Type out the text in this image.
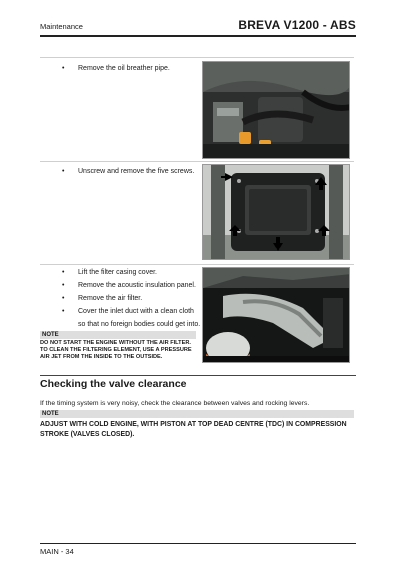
Maintenance	BREVA V1200 - ABS
• Remove the oil breather pipe.
• Unscrew and remove the five screws.
• Lift the filter casing cover.
• Remove the acoustic insulation panel.
• Remove the air filter.
• Cover the inlet duct with a clean cloth
so that no foreign bodies could get into.
NOTE
DO NOT START THE ENGINE WITHOUT THE AIR FILTER. TO CLEAN THE FILTERING ELEMENT, USE A PRESSURE AIR JET FROM THE INSIDE TO THE OUTSIDE.
Checking the valve clearance
If the timing system is very noisy, check the clearance between valves and rocking levers.
NOTE
ADJUST WITH COLD ENGINE, WITH PISTON AT TOP DEAD CENTRE (TDC) IN COMPRESSION STROKE (VALVES CLOSED).
MAIN - 34
